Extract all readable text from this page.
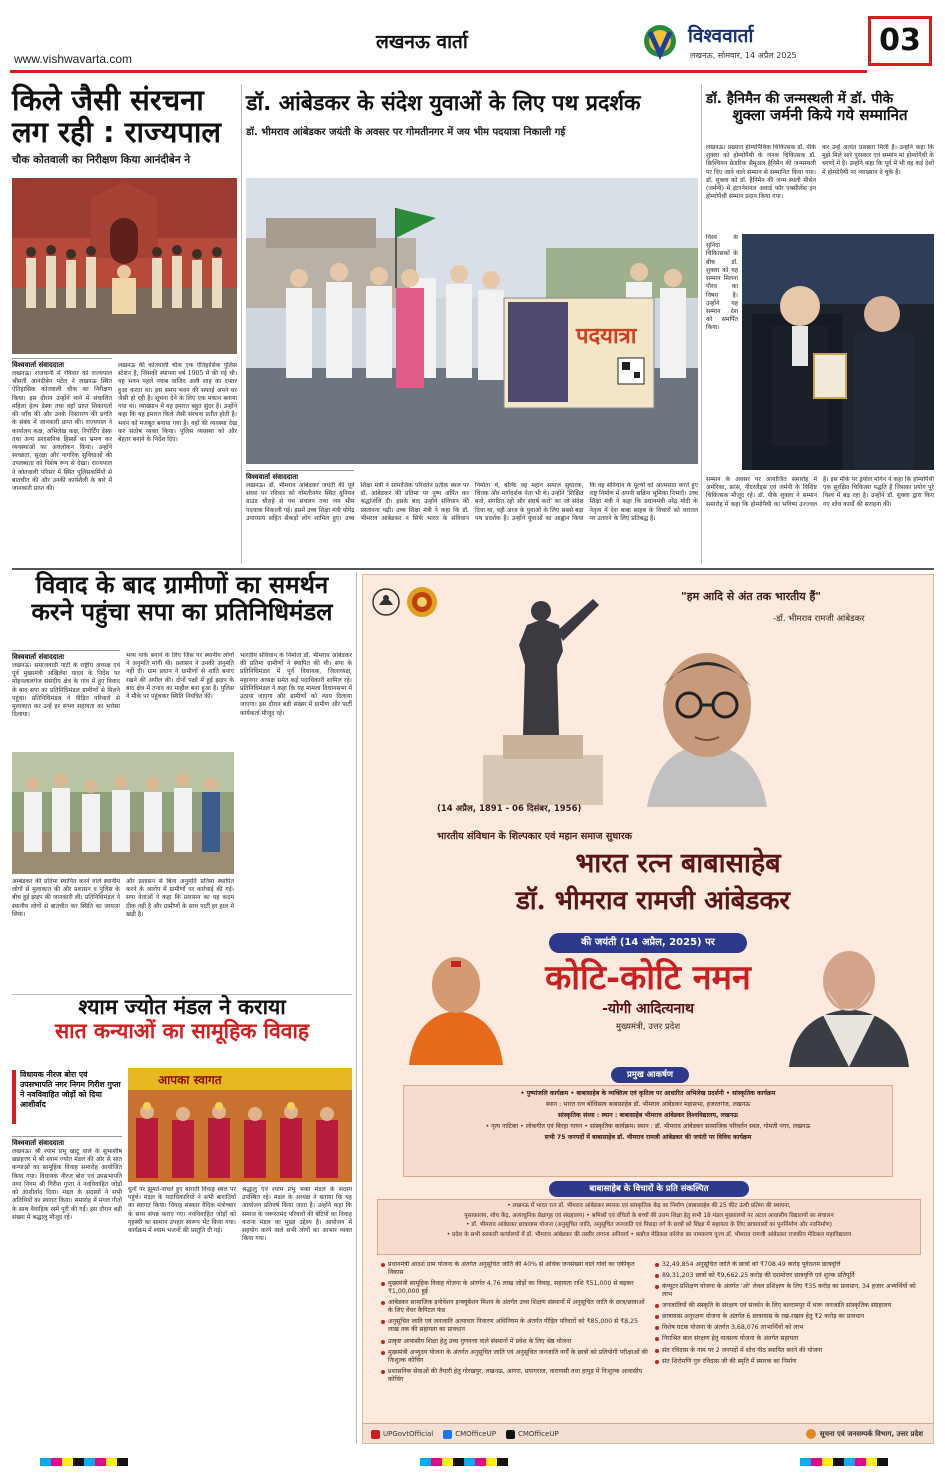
www.vishwavarta.com
लखनऊ वार्ता	विश्ववार्ता
लखनऊ, सोमवार, 14 अप्रैल 2025	03
किले जैसी संरचना
लग रही : राज्यपाल
चौक कोतवाली का निरीक्षण किया आनंदीबेन ने
विश्ववार्ता संवाददाता
लखनऊ। राजधानी में रविवार को राज्यपाल श्रीमती आनंदीबेन पटेल ने लखनऊ स्थित ऐतिहासिक कोतवाली चौक का निरीक्षण किया। इस दौरान उन्होंने थाने में संचालित महिला हेल्प डेस्क तथा वहाँ प्राप्त शिकायतों की जाँच की और उनके निस्तारण की प्रगति के संबंध में जानकारी प्राप्त की। राज्यपाल ने कार्यालय कक्ष, अभिलेख कक्ष, रिपोर्टिंग डेस्क तथा अन्य प्रशासनिक हिस्सों का भ्रमण कर व्यवस्थाओं का अवलोकन किया। उन्होंने स्वच्छता, सुरक्षा और नागरिक सुविधाओं की उपलब्धता को विशेष रूप से देखा। राज्यपाल ने कोतवाली परिसर में स्थित पुलिसकर्मियों से बातचीत की और उनकी कार्यशैली के बारे में जानकारी प्राप्त की।
लखनऊ की कोतवाली चौक एक ऐतिहासिक पुलिस स्टेशन है, जिसकी स्थापना वर्ष 1905 में की गई थी। यह भवन पहले नवाब वाजिद अली शाह का दफ्तर हुआ करता था। इस समय भवन की सफाई अपने घर जैसी हो रही है। सूचना देने के लिए एक मकान बनाया गया था। व्याख्यान में यह इमारत बहुत सुंदर है। उन्होंने कहा कि यह इमारत किले जैसी संरचना प्रतीत होती है। भवन को मजबूत बनाया गया है। यहाँ की व्यवस्था देख कर संतोष व्यक्त किया। पुलिस व्यवस्था को और बेहतर बनाने के निर्देश दिए।
डॉ. आंबेडकर के संदेश युवाओं के लिए पथ प्रदर्शक
डॉ. भीमराव आंबेडकर जयंती के अवसर पर गोमतीनगर में जय भीम पदयात्रा निकाली गई
पदयात्रा
विश्ववार्ता संवाददाता
लखनऊ। डॉ. भीमराव आंबेडकर जयंती की पूर्व संध्या पर रविवार को गोमतीनगर स्थित यूनियन ग्राउंड चौराहे से पथ संचलन तथा जय भीम पदयात्रा निकाली गई। इसमें उच्च शिक्षा मंत्री योगेंद्र उपाध्याय सहित सैकड़ों लोग शामिल हुए। उच्च शिक्षा मंत्री ने सामाजिक परिवर्तन प्रतीक स्थल पर डॉ. आंबेडकर की प्रतिमा पर पुष्प अर्पित कर श्रद्धांजलि दी। इसके बाद उन्होंने संविधान की प्रस्तावना पढ़ी। उच्च शिक्षा मंत्री ने कहा कि डॉ. भीमराव आंबेडकर न सिर्फ भारत के संविधान निर्माता थे, बल्कि वह महान समाज सुधारक, चिंतक और मार्गदर्शक नेता भी थे। उन्होंने 'शिक्षित बनो, संगठित रहो और संघर्ष करो' का जो संदेश दिया था, वही आज के युवाओं के लिए सबसे बड़ा पथ प्रदर्शक है। उन्होंने युवाओं का आह्वान किया कि वह संविधान के मूल्यों को आत्मसात करते हुए राष्ट्र निर्माण में अपनी सक्रिय भूमिका निभाएँ। उच्च शिक्षा मंत्री ने कहा कि प्रधानमंत्री नरेंद्र मोदी के नेतृत्व में देश बाबा साहब के विचारों को धरातल पर उतारने के लिए प्रतिबद्ध है।
डॉ. हैनिमैन की जन्मस्थली में डॉ. पीके
शुक्ला जर्मनी किये गये सम्मानित
लखनऊ। प्रख्यात होम्योपैथिक चिकित्सक डॉ. पीके शुक्ला को होम्योपैथी के जनक चिकित्सक डॉ. क्रिश्चियन फ्रेडरिक सैमुअल हैनिमैन की जन्मस्थली पर दिए जाने वाले सम्मान से सम्मानित किया गया। डॉ. शुक्ला को डॉ. हैनिमैन की जन्म स्थली मीसेन (जर्मनी) में इंटरनेशनल अवार्ड फॉर एक्सीलेंस इन होम्योपैथी सम्मान प्रदान किया गया।
कर उन्हें अत्यंत प्रसन्नता मिली है। उन्होंने कहा कि मुझे मिले सारे पुरस्कार एवं सम्मान मां होम्योपैथी के चरणों में है। उन्होंने कहा कि पूर्व में भी वह कई देशों में होम्योपैथी पर व्याख्यान दे चुके हैं।
विश्व के सुनिंदा चिकित्सकों के बीच डॉ. शुक्ला को यह सम्मान मिलना गौरव का विषय है। उन्होंने यह सम्मान देश को समर्पित किया।
सम्मान के अवसर पर आयोजित समारोह में अमेरिका, फ्रांस, नीदरलैंड्स एवं जर्मनी के विशिष्ट चिकित्सक मौजूद रहे। डॉ. पीके शुक्ला ने सम्मान समारोह में कहा कि होम्योपैथी का भविष्य उज्ज्वल है। इस मौके पर ड्रयोल मोर्गन ने कहा कि होम्योपैथी एक सुरक्षित चिकित्सा पद्धति है जिसका प्रयोग पूरे विश्व में बढ़ रहा है। उन्होंने डॉ. शुक्ला द्वारा किए गए शोध कार्यों की सराहना की।
विवाद के बाद ग्रामीणों का समर्थन
करने पहुंचा सपा का प्रतिनिधिमंडल
विश्ववार्ता संवाददाता
लखनऊ। समाजवादी पार्टी के राष्ट्रीय अध्यक्ष एवं पूर्व मुख्यमंत्री अखिलेश यादव के निर्देश पर मोहनलालगंज संसदीय क्षेत्र के गांव में हुए विवाद के बाद सपा का प्रतिनिधिमंडल ग्रामीणों से मिलने पहुंचा। प्रतिनिधिमंडल ने पीड़ित परिवारों से मुलाकात कर उन्हें हर संभव सहायता का भरोसा दिलाया।
भव्य पार्क बनाने के लिए जिस पर स्थानीय लोगों ने अनुमति मांगी थी। प्रशासन ने उनकी अनुमति नहीं दी। ग्राम प्रधान ने ग्रामीणों से शांति बनाए रखने की अपील की। दोनों पक्षों में हुई झड़प के बाद क्षेत्र में तनाव का माहौल बना हुआ है। पुलिस ने मौके पर पहुंचकर स्थिति नियंत्रित की।
भारतीय संविधान के निर्माता डॉ. भीमराव आंबेडकर की प्रतिमा ग्रामीणों ने स्थापित की थी। सपा के प्रतिनिधिमंडल में पूर्व विधायक, जिलाध्यक्ष, महानगर अध्यक्ष समेत कई पदाधिकारी शामिल रहे। प्रतिनिधिमंडल ने कहा कि यह मामला विधानसभा में उठाया जाएगा और ग्रामीणों को न्याय दिलाया जाएगा। इस दौरान बड़ी संख्या में ग्रामीण और पार्टी कार्यकर्ता मौजूद रहे।
अम्बेडकर की प्रतिमा स्थापित करने वाले स्थानीय लोगों से मुलाकात की और प्रशासन व पुलिस के बीच हुई झड़प की जानकारी ली। प्रतिनिधिमंडल ने स्थानीय लोगों से बातचीत कर स्थिति का जायजा लिया।
और प्रशासन से बिना अनुमति प्रतिमा स्थापित करने के आरोप में ग्रामीणों पर कार्रवाई की गई। सपा नेताओं ने कहा कि प्रशासन का यह कदम ठीक नहीं है और ग्रामीणों के साथ पार्टी हर हाल में खड़ी है।
श्याम ज्योत मंडल ने कराया
सात कन्याओं का सामूहिक विवाह
विधायक नीरज बोरा एवं उपसभापति नगर निगम गिरीश गुप्ता ने नवविवाहित जोड़ों को दिया आशीर्वाद
आपका स्वागत
विश्ववार्ता संवाददाता
लखनऊ। श्री श्याम प्रभु खाटू वाले के सुभाशीष छछहत्तर में श्री श्याम ज्योत मंडल की ओर से सात कन्याओं का सामूहिक विवाह समारोह आयोजित किया गया। विधायक नीरज बोरा एवं उपसभापति नगर निगम श्री गिरीश गुप्ता ने नवविवाहित जोड़ों को आशीर्वाद दिया। मंडल के सदस्यों ने सभी अतिथियों का स्वागत किया। समारोह में मंगल गीतों के साथ वैवाहिक रस्में पूरी की गईं। इस दौरान बड़ी संख्या में श्रद्धालु मौजूद रहे।
धुनों पर झूमते-नाचते हुए बाराती विवाह स्थल पर पहुंचे। मंडल के पदाधिकारियों ने सभी बारातियों का स्वागत किया। विवाह संस्कार वैदिक मंत्रोच्चार के साथ संपन्न कराए गए। नवविवाहित जोड़ों को गृहस्थी का सामान उपहार स्वरूप भेंट किया गया। कार्यक्रम में श्याम भजनों की प्रस्तुति दी गई।
श्रद्धालु एवं श्याम प्रभु भक्त मंडल के सदस्य उपस्थित रहे। मंडल के अध्यक्ष ने बताया कि यह आयोजन प्रतिवर्ष किया जाता है। उन्होंने कहा कि समाज के जरूरतमंद परिवारों की बेटियों का विवाह कराना मंडल का मुख्य उद्देश्य है। आयोजन में सहयोग करने वाले सभी लोगों का आभार व्यक्त किया गया।
"हम आदि से अंत तक भारतीय हैं"
-डॉ. भीमराव रामजी आंबेडकर
(14 अप्रैल, 1891 - 06 दिसंबर, 1956)
भारतीय संविधान के शिल्पकार एवं महान समाज सुधारक
भारत रत्न बाबासाहेब
डॉ. भीमराव रामजी आंबेडकर
की जयंती (14 अप्रैल, 2025) पर
कोटि-कोटि नमन
-योगी आदित्यनाथ
मुख्यमंत्री, उत्तर प्रदेश
प्रमुख आकर्षण
• पुष्पांजलि कार्यक्रम • बाबासाहेब के व्यक्तित्व एवं कृतित्व पर आधारित अभिलेख प्रदर्शनी • सांस्कृतिक कार्यक्रम
स्थान : भारत रत्न बोधिसत्व बाबासाहेब डॉ. भीमराव आंबेडकर महासभा, हजरतगंज, लखनऊ
सांस्कृतिक संध्या : स्थान : बाबासाहेब भीमराव आंबेडकर विश्वविद्यालय, लखनऊ
• नृत्य नाटिका • लोकगीत एवं बिरहा गायन • सांस्कृतिक कार्यक्रम। स्थान : डॉ. भीमराव आंबेडकर सामाजिक परिवर्तन स्थल, गोमती नगर, लखनऊ
सभी 75 जनपदों में बाबासाहेब डॉ. भीमराव रामजी आंबेडकर की जयंती पर विविध कार्यक्रम
बाबासाहेब के विचारों के प्रति संकल्पित
• लखनऊ में भारत रत्न डॉ. भीमराव आंबेडकर स्मारक एवं सांस्कृतिक केंद्र का निर्माण (बाबासाहेब की 25 फीट ऊंची प्रतिमा की स्थापना,
पुस्तकालय, शोध केंद्र, अत्याधुनिक प्रेक्षागृह एवं संग्रहालय) • श्रमिकों एवं वंचितों के बच्चों की उत्तम शिक्षा हेतु सभी 18 मंडल मुख्यालयों पर अटल आवासीय विद्यालयों का संचालन
• डॉ. भीमराव आंबेडकर छात्रावास योजना (अनुसूचित जाति, अनुसूचित जनजाति एवं पिछड़ा वर्ग के छात्रों को शिक्षा में सहायता के लिए छात्रावासों का पुनर्निर्माण और नवनिर्माण)
• प्रदेश के सभी सरकारी कार्यालयों में डॉ. भीमराव आंबेडकर की तस्वीर लगाना अनिवार्य • कन्नौज मेडिकल कॉलेज का नामकरण पूज्य डॉ. भीमराव रामजी आंबेडकर राजकीय मेडिकल महाविद्यालय
प्रधानमंत्री आदर्श ग्राम योजना के अंतर्गत अनुसूचित जाति की 40% से अधिक जनसंख्या वाले गांवों का एकीकृत विकास
मुख्यमंत्री सामूहिक विवाह योजना के अंतर्गत 4.76 लाख जोड़ों का विवाह, सहायता राशि ₹51,000 से बढ़कर ₹1,00,000 हुई
आंबेडकर सामाजिक इनोवेशन इन्क्यूबेशन मिशन के अंतर्गत उच्च शिक्षण संस्थानों में अनुसूचित जाति के छात्र/छात्राओं के लिए वेंचर कैपिटल फंड
अनुसूचित जाति एवं जनजाति अत्याचार निवारण अधिनियम के अंतर्गत पीड़ित परिवारों को ₹85,000 से ₹8.25 लाख तक की सहायता का प्रावधान
उत्कृष्ट आवासीय शिक्षा हेतु उच्च गुणवत्ता वाले संस्थानों में प्रवेश के लिए श्रेष्ठ योजना
मुख्यमंत्री अभ्युदय योजना के अंतर्गत अनुसूचित जाति एवं अनुसूचित जनजाति वर्गों के छात्रों को प्रतियोगी परीक्षाओं की निःशुल्क कोचिंग
प्रशासनिक सेवाओं की तैयारी हेतु गोरखपुर, लखनऊ, आगरा, प्रयागराज, वाराणसी तथा हापुड़ में निःशुल्क आवासीय कोचिंग
32,49,854 अनुसूचित जाति के छात्रों को ₹708.49 करोड़ पूर्वदशम छात्रवृत्ति
89,31,203 छात्रों को ₹9,662.25 करोड़ की दशमोत्तर छात्रवृत्ति एवं शुल्क प्रतिपूर्ति
कंप्यूटर प्रशिक्षण योजना के अंतर्गत 'ओ' लेवल प्रशिक्षण के लिए ₹35 करोड़ का प्रावधान, 34 हजार अभ्यर्थियों को लाभ
जनजातियों की संस्कृति के संरक्षण एवं संवर्धन के लिए बलरामपुर में थारू जनजाति सांस्कृतिक संग्रहालय
छात्रावास अनुरक्षण योजना के अंतर्गत 6 छात्रावास के रख-रखाव हेतु ₹2 करोड़ का प्रावधान
विशेष घटक योजना के अंतर्गत 3,68,076 लाभार्थियों को लाभ
निराश्रित बाल संरक्षण हेतु वात्सल्य योजना के अंतर्गत सहायता
संत रविदास के नाम पर 2 जनपदों में शोध पीठ स्थापित करने की योजना
संत शिरोमणि गुरु रविदास जी की स्मृति में स्मारक का निर्माण
UPGovtOfficial	CMOfficeUP	CMOfficeUP	सूचना एवं जनसम्पर्क विभाग, उत्तर प्रदेश
